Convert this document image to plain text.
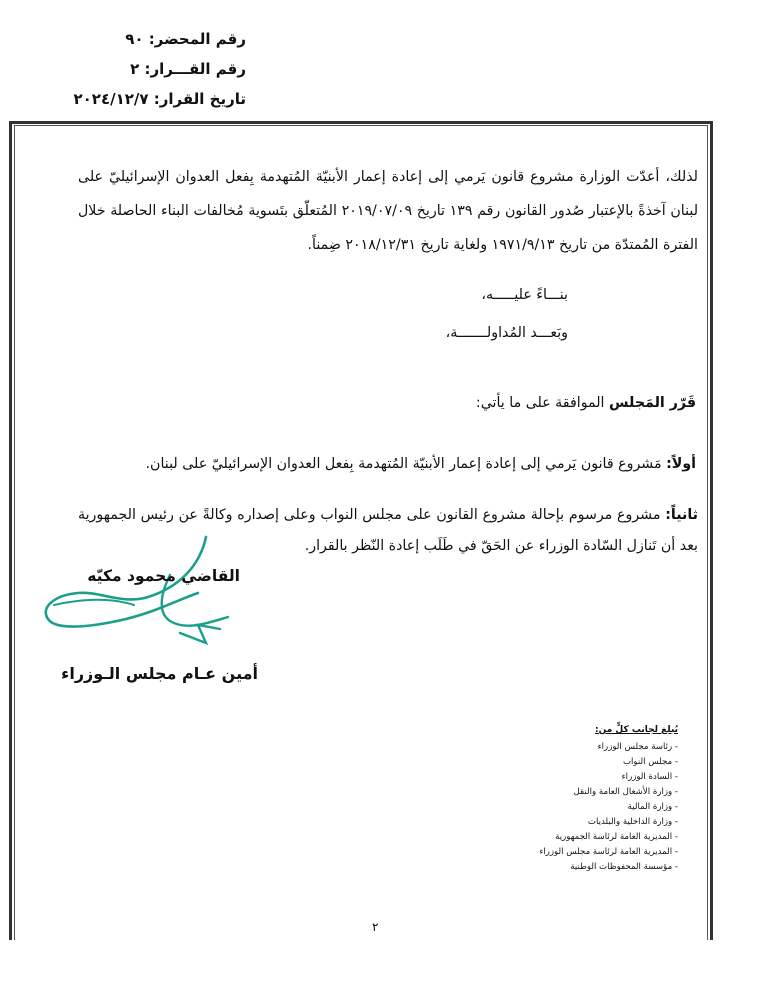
رقم المحضر: ٩٠
رقم القـــرار: ٢
تاريخ القرار: ٢٠٢٤/١٢/٧
لذلك، أعدّت الوزارة مشروع قانون يَرمي إلى إعادة إعمار الأبنيّة المُتهدمة بِفعل العدوان الإسرائيليّ على لبنان آخذةً بالإعتبار صُدور القانون رقم ١٣٩ تاريخ ٢٠١٩/٠٧/٠٩ المُتعلّق بتَسوية مُخالفات البناء الحاصلة خلال الفترة المُمتدّة من تاريخ ١٩٧١/٩/١٣ ولغاية تاريخ ٢٠١٨/١٢/٣١ ضِمناً.
بنـــاءً عليـــــه،
وبَعـــد المُداولـــــــة،
قَرّر المَجلس الموافقة على ما يأتي:
أولاً: مَشروع قانون يَرمي إلى إعادة إعمار الأبنيّة المُتهدمة بِفعل العدوان الإسرائيليّ على لبنان.
ثانياً: مشروع مرسوم بإحالة مشروع القانون على مجلس النواب وعلى إصداره وكالةً عن رئيس الجمهورية بعد أن تَنازل السّادة الوزراء عن الحَقّ في طَلَب إعادة النّظر بالقرار.
القاضي محمود مكيّه
أمين عـام مجلس الـوزراء
يُبلغ لجانب كلٍّ من:
- رئاسة مجلس الوزراء
- مجلس النواب
- السادة الوزراء
- وزارة الأشغال العامة والنقل
- وزارة المالية
- وزارة الداخلية والبلديات
- المديرية العامة لرئاسة الجمهورية
- المديرية العامة لرئاسة مجلس الوزراء
- مؤسسة المحفوظات الوطنية
٢
